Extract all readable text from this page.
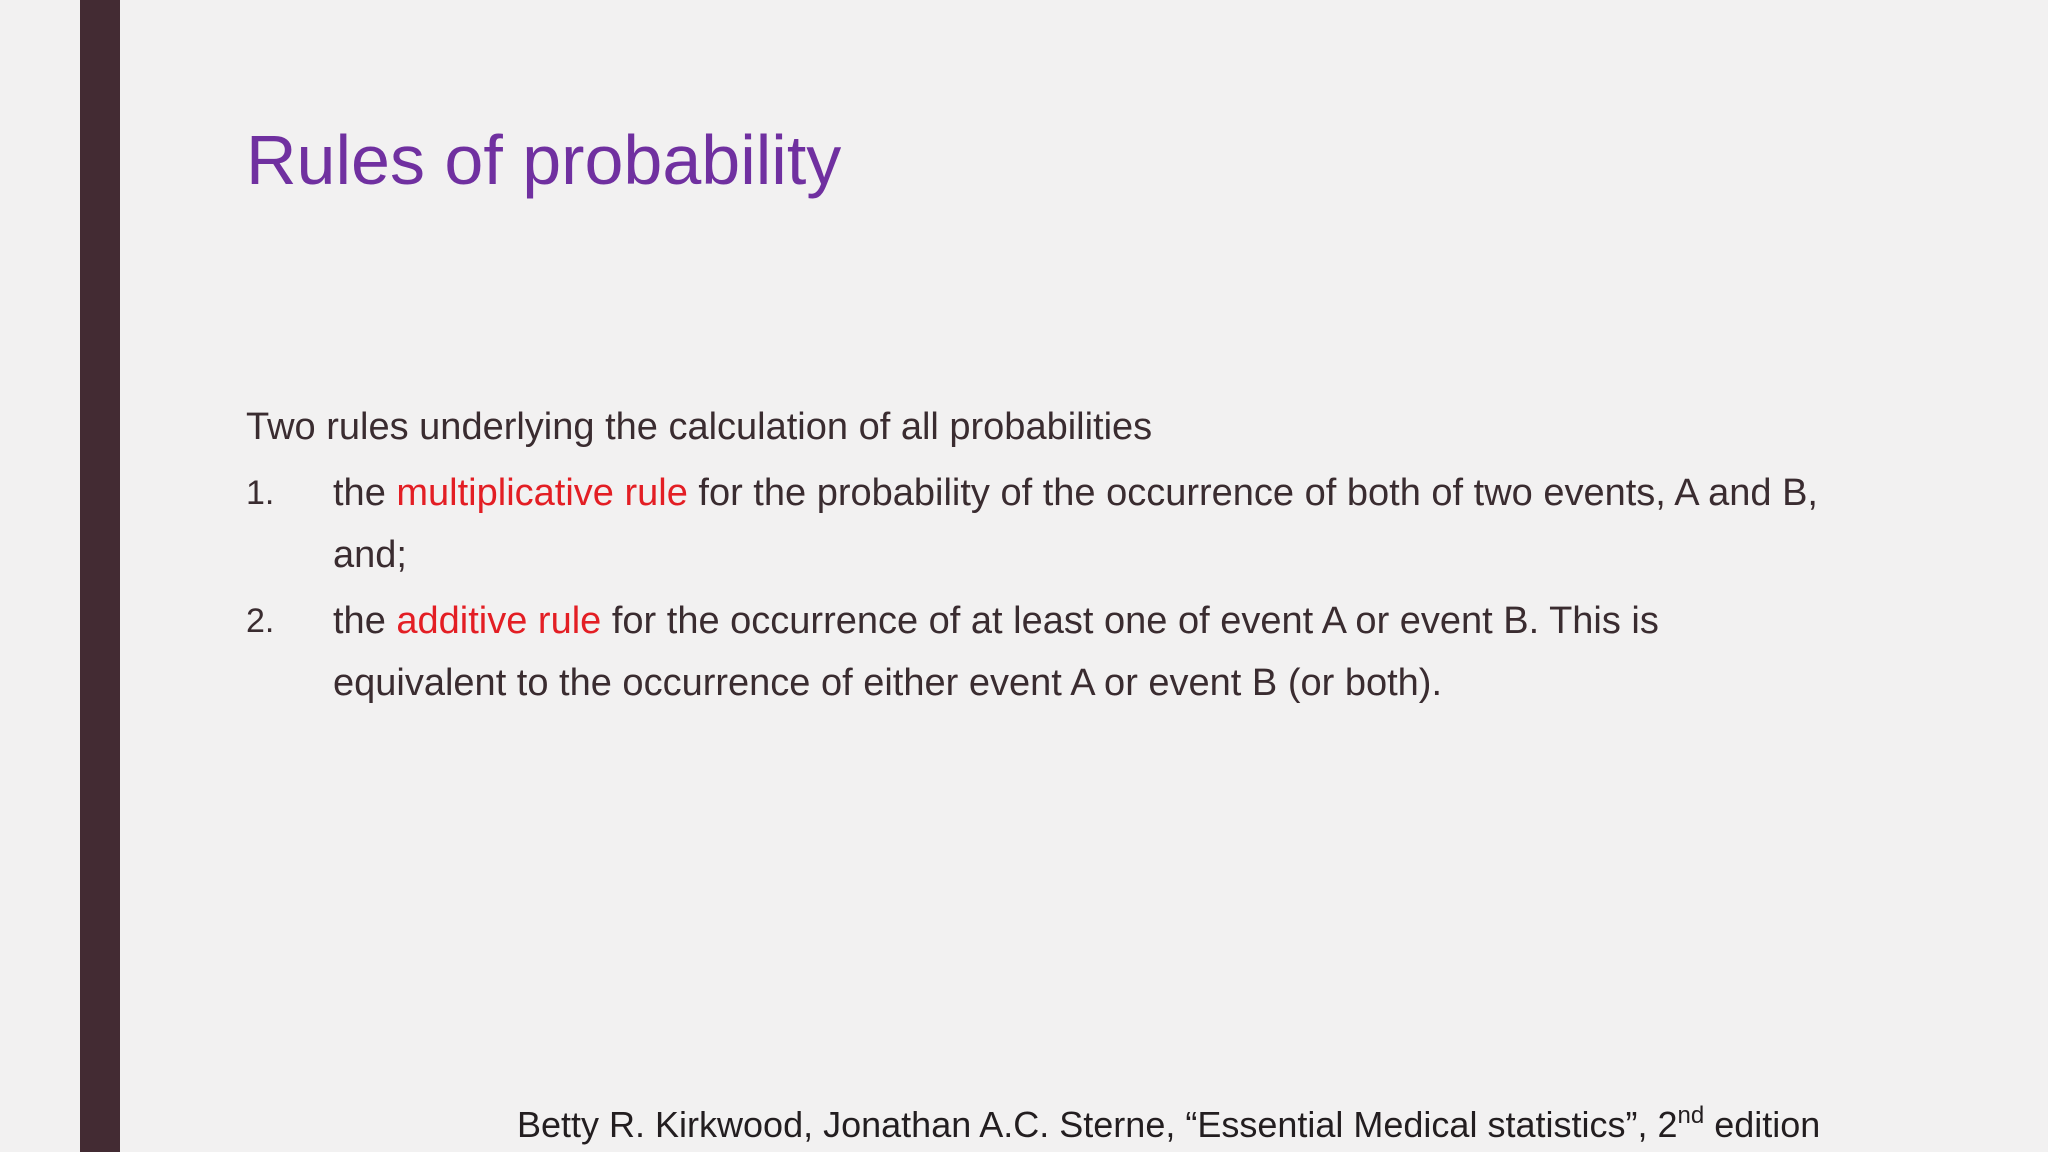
Rules of probability

Two rules underlying the calculation of all probabilities

1. the multiplicative rule for the probability of the occurrence of both of two events, A and B, and;
2. the additive rule for the occurrence of at least one of event A or event B. This is equivalent to the occurrence of either event A or event B (or both).
Betty R. Kirkwood, Jonathan A.C. Sterne, “Essential Medical statistics”, 2nd edition
